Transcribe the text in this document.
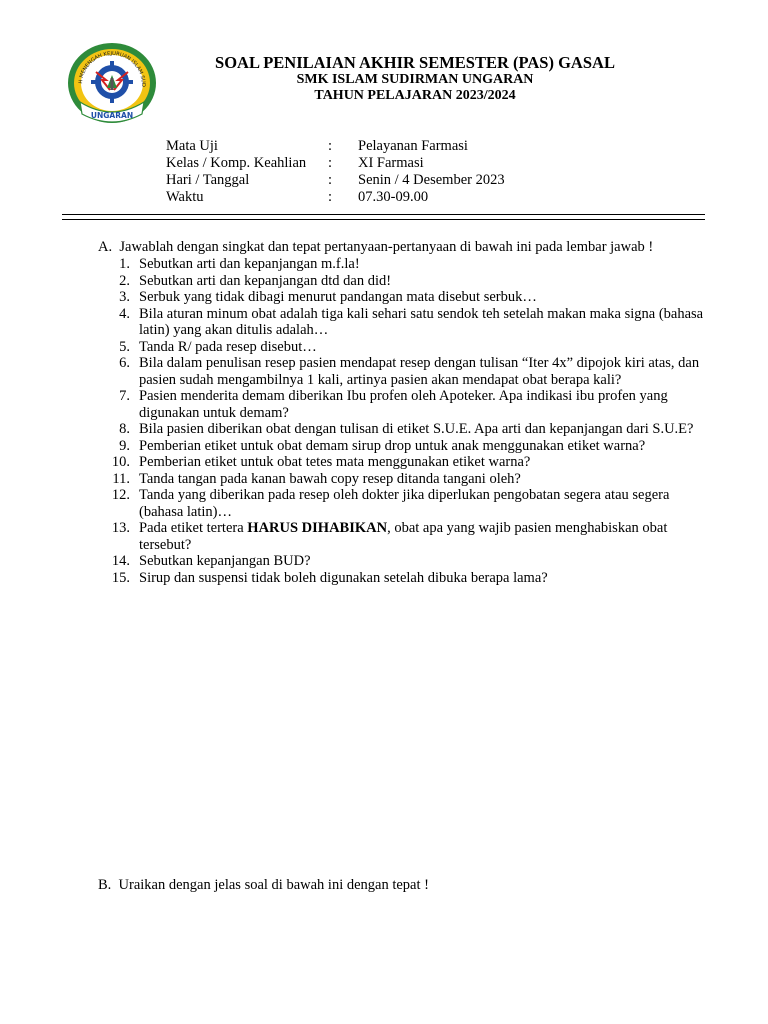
H MENENGAH KEJURUAN ISLAM SUD
UNGARAN
SOAL PENILAIAN AKHIR SEMESTER (PAS) GASAL
SMK ISLAM SUDIRMAN UNGARAN
TAHUN PELAJARAN 2023/2024
Mata Uji	: Pelayanan Farmasi
Kelas / Komp. Keahlian : XI Farmasi
Hari / Tanggal	: Senin / 4 Desember 2023
Waktu	: 07.30-09.00
A. Jawablah dengan singkat dan tepat pertanyaan-pertanyaan di bawah ini pada lembar jawab !
1. Sebutkan arti dan kepanjangan m.f.la!
2. Sebutkan arti dan kepanjangan dtd dan did!
3. Serbuk yang tidak dibagi menurut pandangan mata disebut serbuk…
4. Bila aturan minum obat adalah tiga kali sehari satu sendok teh setelah makan maka signa (bahasa latin) yang akan ditulis adalah…
5. Tanda R/ pada resep disebut…
6. Bila dalam penulisan resep pasien mendapat resep dengan tulisan “Iter 4x” dipojok kiri atas, dan pasien sudah mengambilnya 1 kali, artinya pasien akan mendapat obat berapa kali?
7. Pasien menderita demam diberikan Ibu profen oleh Apoteker. Apa indikasi ibu profen yang digunakan untuk demam?
8. Bila pasien diberikan obat dengan tulisan di etiket S.U.E. Apa arti dan kepanjangan dari S.U.E?
9. Pemberian etiket untuk obat demam sirup drop untuk anak menggunakan etiket warna?
10. Pemberian etiket untuk obat tetes mata menggunakan etiket warna?
11. Tanda tangan pada kanan bawah copy resep ditanda tangani oleh?
12. Tanda yang diberikan pada resep oleh dokter jika diperlukan pengobatan segera atau segera (bahasa latin)…
13. Pada etiket tertera HARUS DIHABIKAN, obat apa yang wajib pasien menghabiskan obat tersebut?
14. Sebutkan kepanjangan BUD?
15. Sirup dan suspensi tidak boleh digunakan setelah dibuka berapa lama?
B. Uraikan dengan jelas soal di bawah ini dengan tepat !
